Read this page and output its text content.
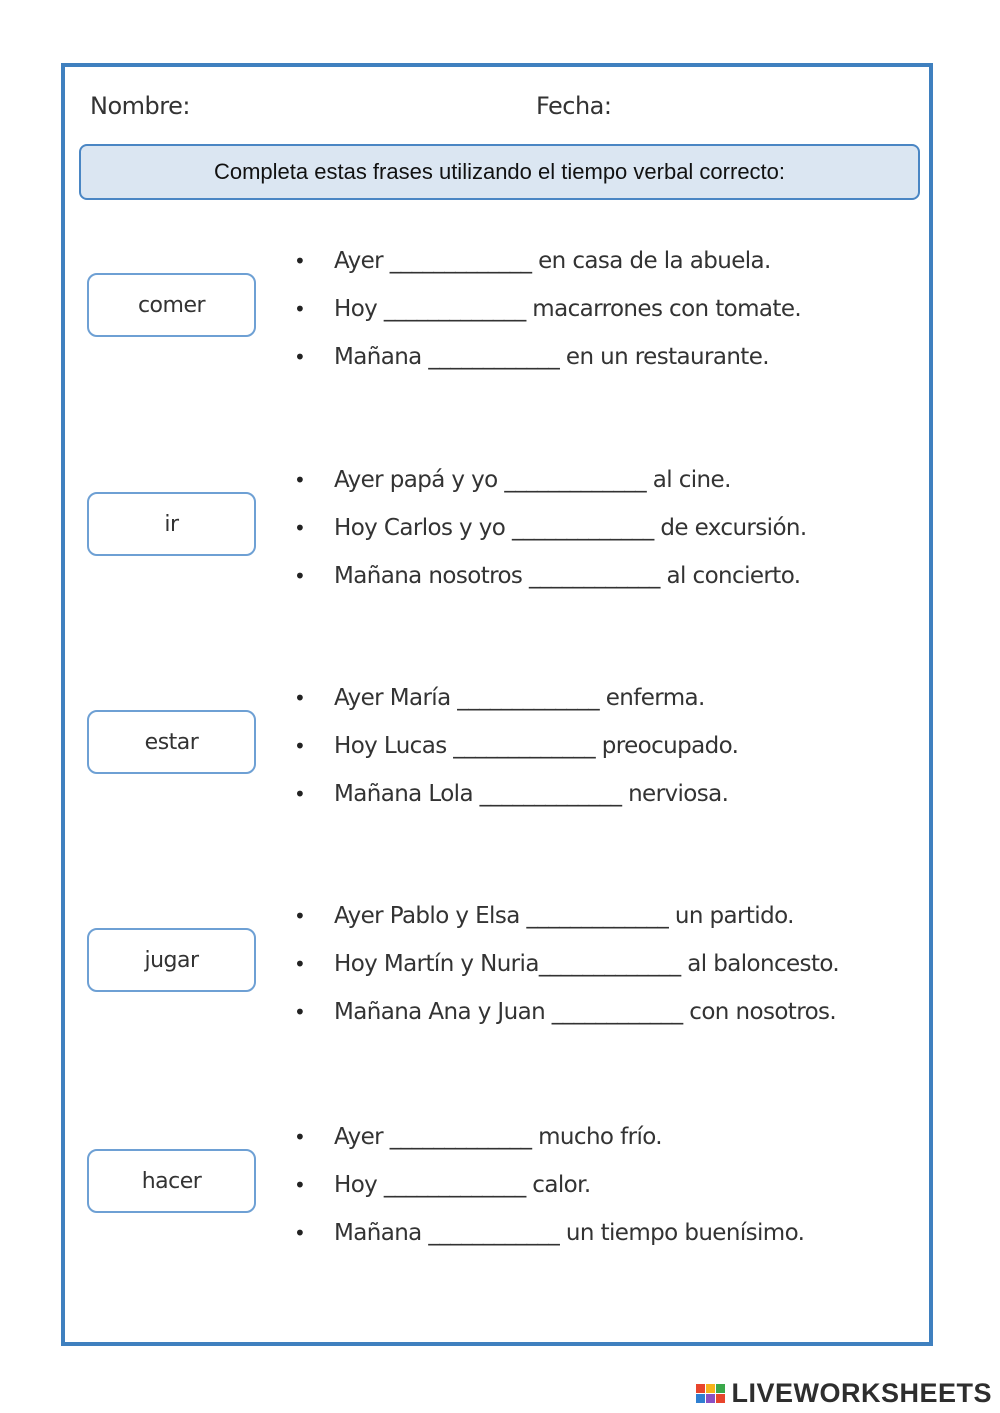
Nombre:	Fecha:
Completa estas frases utilizando el tiempo verbal correcto:
comer
•	Ayer _____________ en casa de la abuela.
•	Hoy _____________ macarrones con tomate.
•	Mañana ____________ en un restaurante.
ir
•	Ayer papá y yo _____________ al cine.
•	Hoy Carlos y yo _____________ de excursión.
•	Mañana nosotros ____________ al concierto.
estar
•	Ayer María _____________ enferma.
•	Hoy Lucas _____________ preocupado.
•	Mañana Lola _____________ nerviosa.
jugar
•	Ayer Pablo y Elsa _____________ un partido.
•	Hoy Martín y Nuria_____________ al baloncesto.
•	Mañana Ana y Juan ____________ con nosotros.
hacer
•	Ayer _____________ mucho frío.
•	Hoy _____________ calor.
•	Mañana ____________ un tiempo buenísimo.
LIVEWORKSHEETS
